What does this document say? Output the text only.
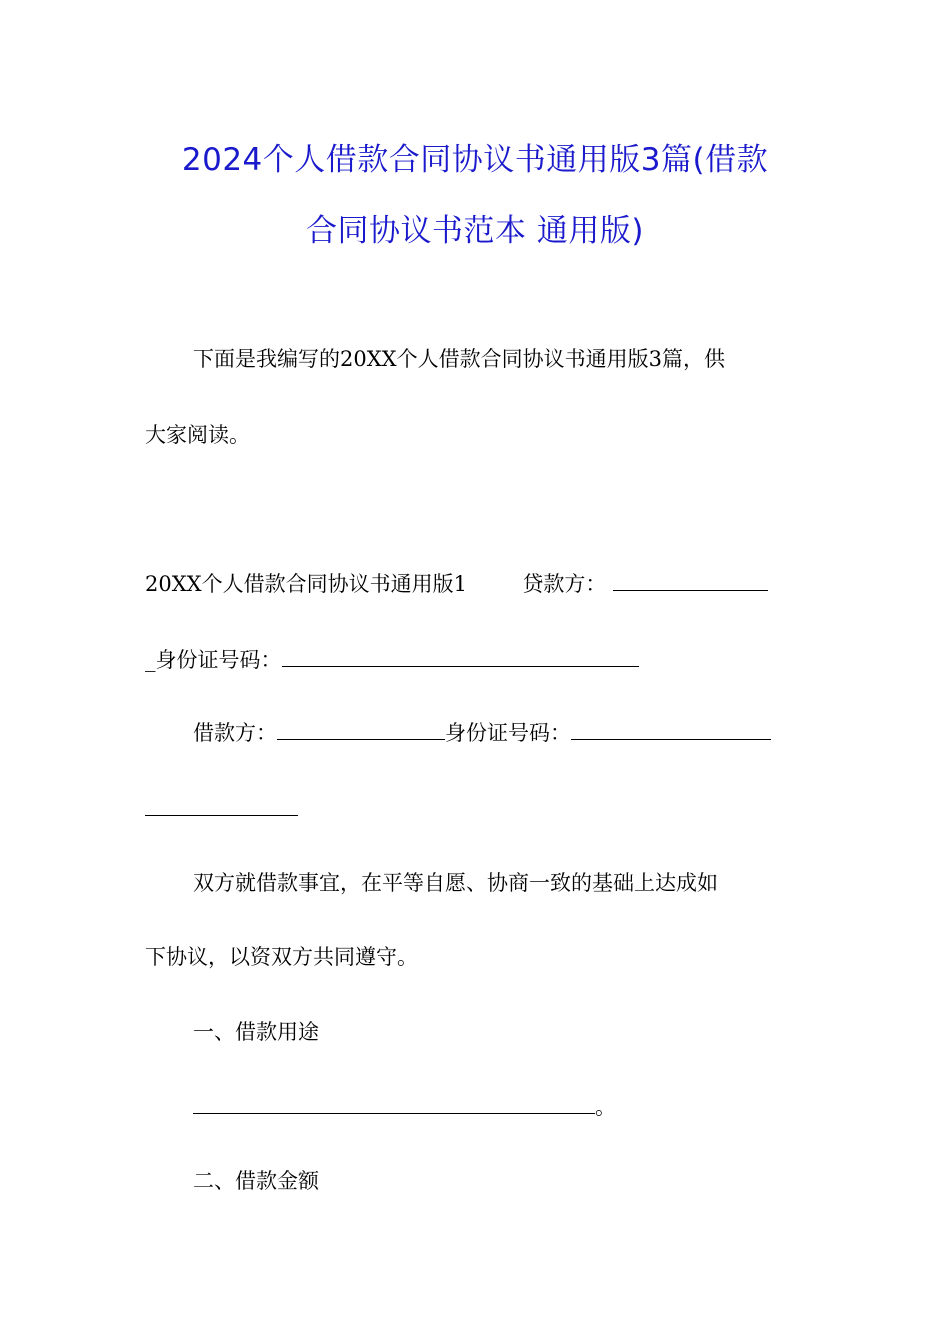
2024个人借款合同协议书通用版3篇(借款
合同协议书范本 通用版)
下面是我编写的20XX个人借款合同协议书通用版3篇，供
大家阅读。
20XX个人借款合同协议书通用版1	贷款方：
_身份证号码：
借款方：	身份证号码：
双方就借款事宜，在平等自愿、协商一致的基础上达成如
下协议，以资双方共同遵守。
一、借款用途
。
二、借款金额
